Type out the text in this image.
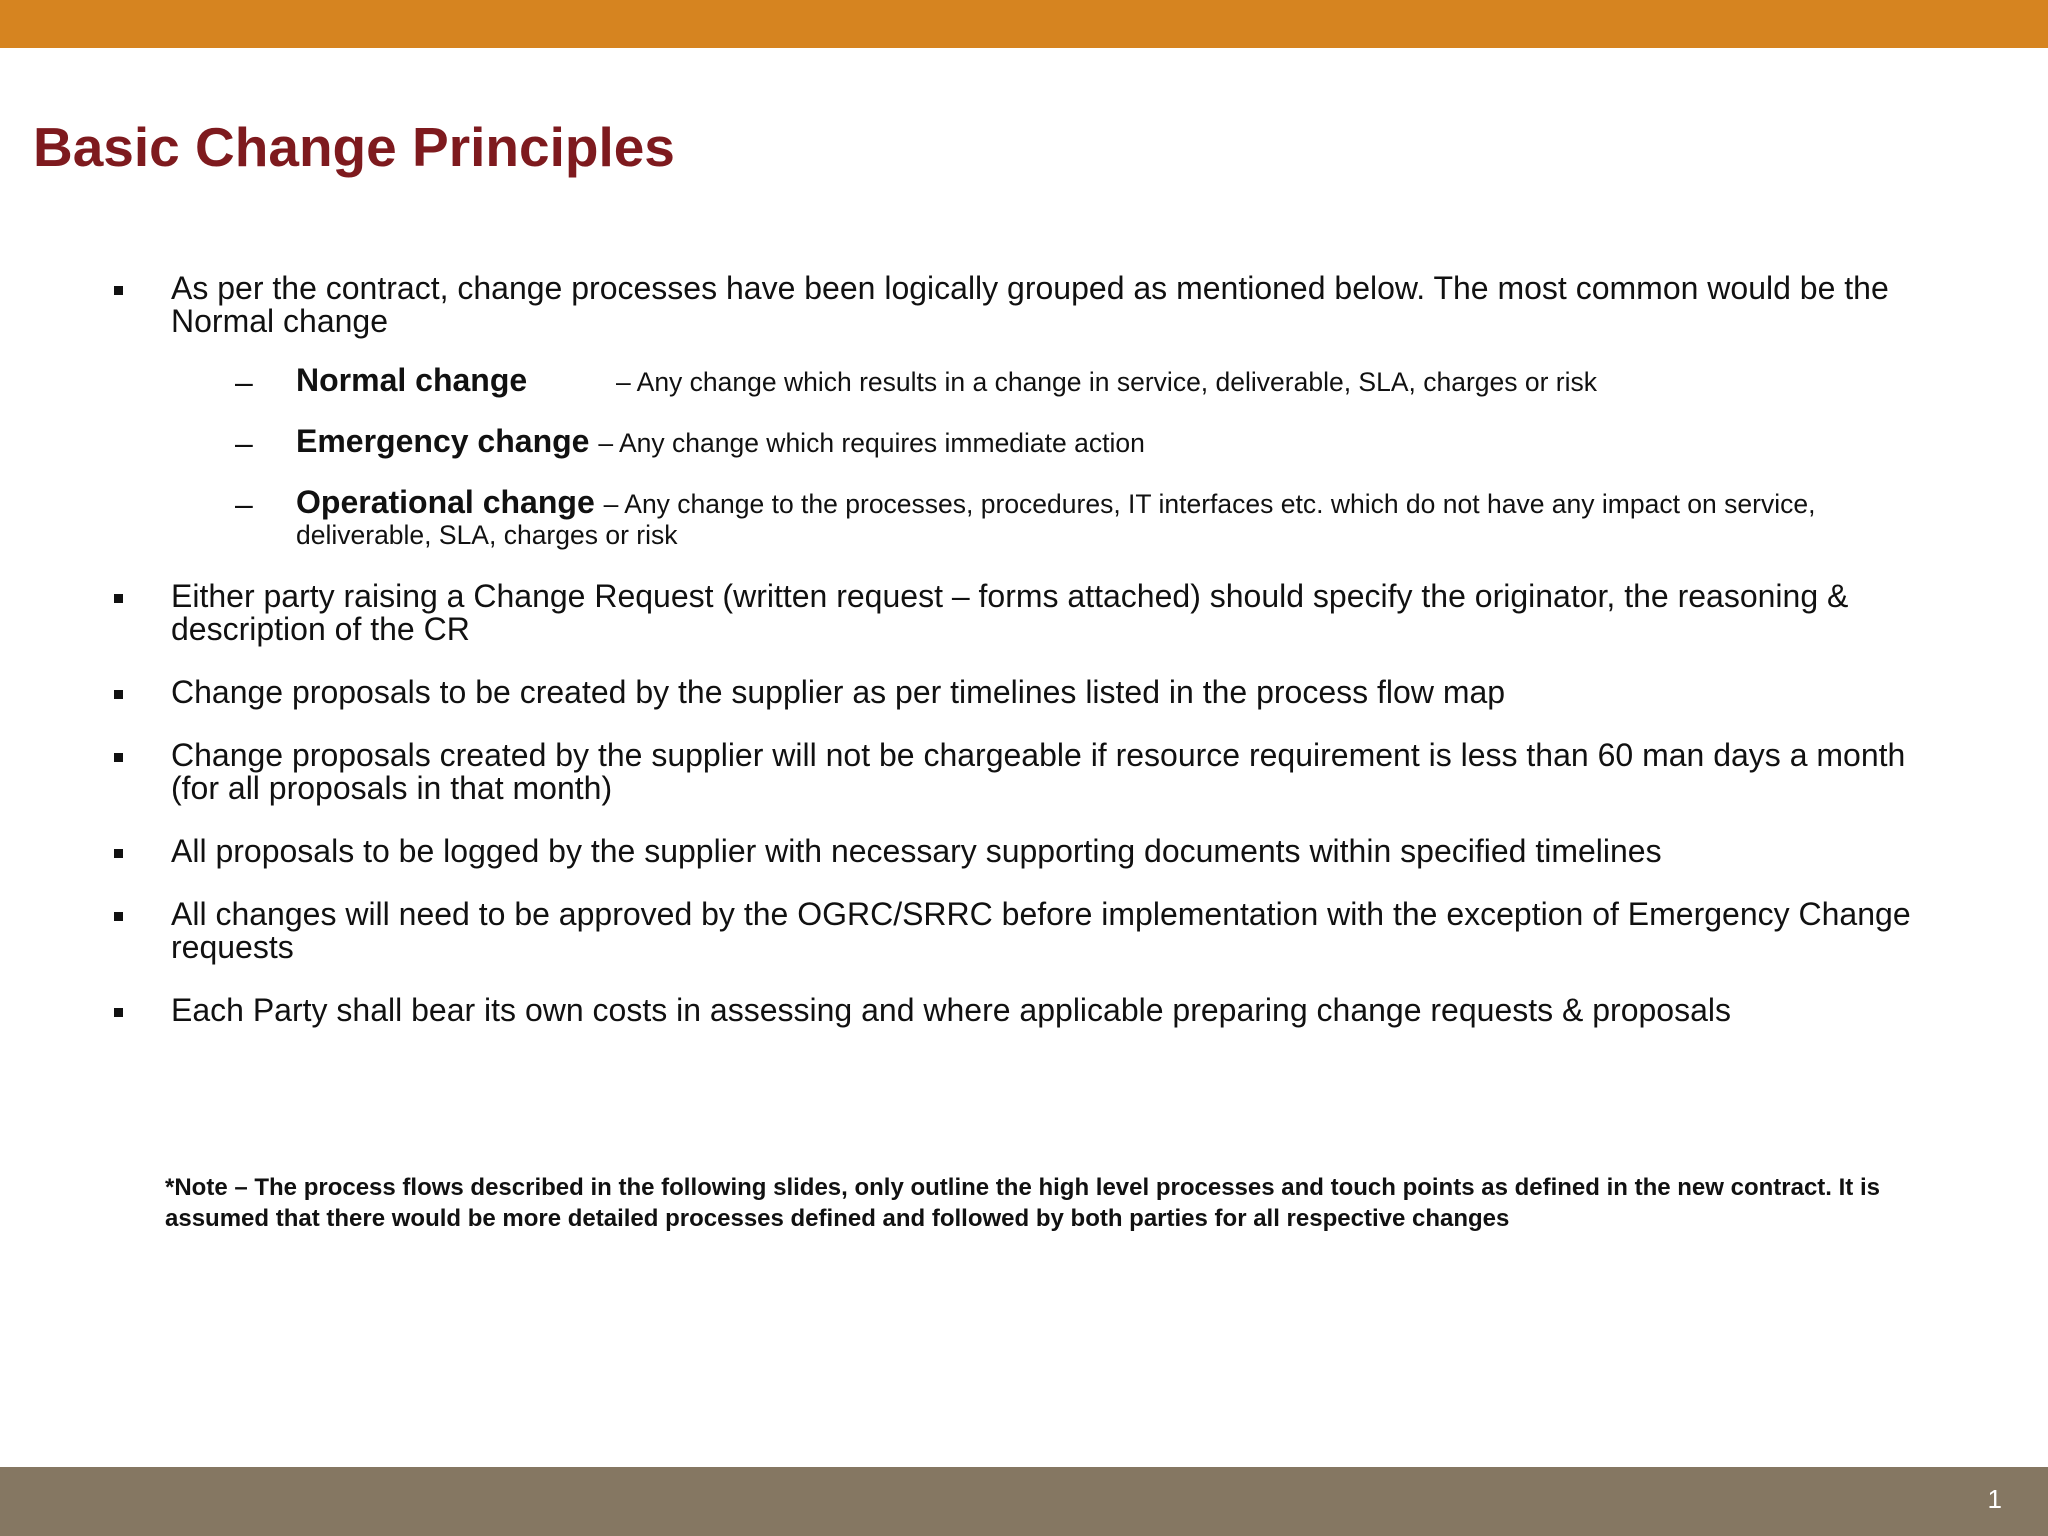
Basic Change Principles
As per the contract, change processes have been logically grouped as mentioned below. The most common would be the Normal change
– Normal change	– Any change which results in a change in service, deliverable, SLA, charges or risk
– Emergency change – Any change which requires immediate action
– Operational change – Any change to the processes, procedures, IT interfaces etc. which do not have any impact on service, deliverable, SLA, charges or risk
Either party raising a Change Request (written request – forms attached) should specify the originator, the reasoning & description of the CR
Change proposals to be created by the supplier as per timelines listed in the process flow map
Change proposals created by the supplier will not be chargeable if resource requirement is less than 60 man days a month (for all proposals in that month)
All proposals to be logged by the supplier with necessary supporting documents within specified timelines
All changes will need to be approved by the OGRC/SRRC before implementation with the exception of Emergency Change requests
Each Party shall bear its own costs in assessing and where applicable preparing change requests & proposals

*Note – The process flows described in the following slides, only outline the high level processes and touch points as defined in the new contract. It is assumed that there would be more detailed processes defined and followed by both parties for all respective changes

1
